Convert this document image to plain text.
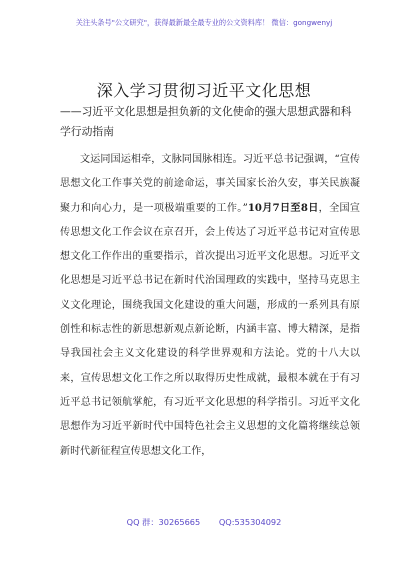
关注头条号"公文研究"，获得最新最全最专业的公文资料库！ 微信：gongwenyj
深入学习贯彻习近平文化思想
——习近平文化思想是担负新的文化使命的强大思想武器和科学行动指南

文运同国运相牵，文脉同国脉相连。习近平总书记强调，“宣传思想文化工作事关党的前途命运，事关国家长治久安，事关民族凝聚力和向心力，是一项极端重要的工作。”10月7日至8日，全国宣传思想文化工作会议在京召开，会上传达了习近平总书记对宣传思想文化工作作出的重要指示，首次提出习近平文化思想。习近平文化思想是习近平总书记在新时代治国理政的实践中，坚持马克思主义文化理论，围绕我国文化建设的重大问题，形成的一系列具有原创性和标志性的新思想新观点新论断，内涵丰富、博大精深，是指导我国社会主义文化建设的科学世界观和方法论。党的十八大以来，宣传思想文化工作之所以取得历史性成就，最根本就在于有习近平总书记领航掌舵，有习近平文化思想的科学指引。习近平文化思想作为习近平新时代中国特色社会主义思想的文化篇将继续总领新时代新征程宣传思想文化工作，

QQ 群：30265665 QQ:535304092
